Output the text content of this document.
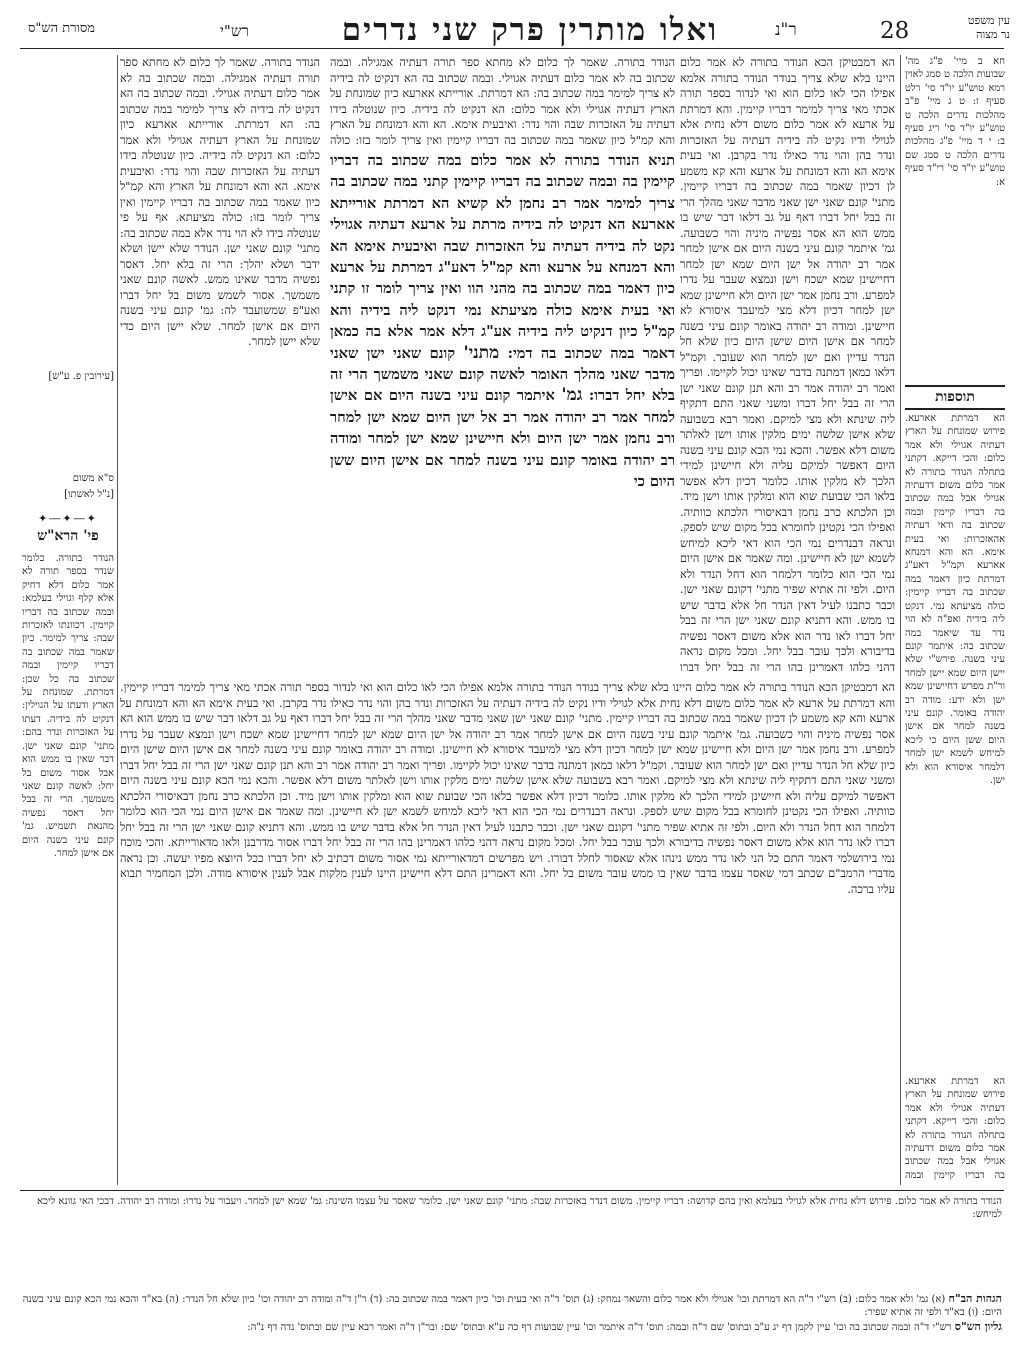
עין משפט
נר מצוה
28
ר"נ
ואלו מותרין פרק שני נדרים
רש"י
מסורת הש"ס
חא ב מיי' פ"ג מה' שבועות הלכה ט סמג לאוין רמא טוש"ע יו"ד סי' רלט סעיף ז: ט ג מיי' פ"ב מהלכות נדרים הלכה ט טוש"ע יו"ד סי' ריג סעיף ב: י ד מיי' פ"ג מהלכות נדרים הלכה ט סמג שם טוש"ע יו"ד סי' רי"ד סעיף א:
תוספות
הא דמרתת אארעא. פירוש שמונחת על הארץ דעתיה אגוילי ולא אמר כלום: והכי דייקא. דקתני בתחלה הנודר בתורה לא אמר כלום משום דדעתיה אגוילי אבל במה שכתוב בה דבריו קיימין ובמה שכתוב בה ודאי דעתיה אהאזכרות: ואי בעית אימא. הא והא דמנחא אארעא וקמ"ל דאע"ג דמרתת כיון דאמר במה שכתוב בה דבריו קיימין: כולה מציעתא נמי. דנקט ליה בידיה ואפ"ה לא הוי נדר עד שיאמר במה שכתוב בה: איתמר קונם עיני בשנה. פירש"י שלא יישן היום שמא יישן למחר ור"ת מפרש דחיישינן שמא ישן ולא ידע: מודה רב יהודה באומר. קונם עיני בשנה למחר אם אישן היום ששן היום כי ליכא למיחש לשמא ישן למחר דלמחר איסורא הוא ולא ישן.
הא דמבטיקן הכא הנודר בתורה לא אמר כלום היינו בלא שלא צריך בנודר הנודר בתורה אלמא אפילו הכי לאו כלום הוא ואי לנדור בספר תורה אכתי מאי צריך למימר דבריו קיימין. והא דמרתת על ארעא לא אמר כלום משום דלא נחית אלא לגוילי ודיו נקיט לה בידיה דעתיה על האזכרות ונדר בהן והוי נדר כאילו נדר בקרבן. ואי בעית אימא הא והא דמונחת על ארעא והא קא משמע לן דכיון שאמר במה שכתוב בה דבריו קיימין. מתני' קונם שאני ישן שאני מדבר שאני מהלך הרי זה בבל יחל דברו דאף על גב דלאו דבר שיש בו ממש הוא הא אסר נפשיה מיניה והוי כשבועה. גמ' איתמר קונם עיני בשנה היום אם אישן למחר אמר רב יהודה אל ישן היום שמא ישן למחר דחיישינן שמא ישכח וישן ונמצא שעבר על נדרו למפרע. ורב נחמן אמר ישן היום ולא חיישינן שמא ישן למחר דכיון דלא מצי למיעבד איסורא לא חיישינן. ומודה רב יהודה באומר קונם עיני בשנה למחר אם אישן היום שישן היום כיון שלא חל הנדר עדיין ואם ישן למחר הוא שעובר. וקמ"ל דלאו כמאן דמתנה בדבר שאינו יכול לקיימו. ופריך ואמר רב יהודה אמר רב והא תנן קונם שאני ישן הרי זה בבל יחל דברו ומשני שאני התם דתקיף ליה שינתא ולא מצי למיקם. ואמר רבא בשבועה שלא אישן שלשה ימים מלקין אותו וישן לאלתר משום דלא אפשר. והכא נמי הכא קונם עיני בשנה היום דאפשר למיקם עליה ולא חיישינן למידי הלכך לא מלקין אותו. כלומר דכיון דלא אפשר בלאו הכי שבועת שוא הוא ומלקין אותו וישן מיד. וכן הלכתא כרב נחמן דבאיסורי הלכתא כוותיה. ואפילו הכי נקטינן לחומרא בכל מקום שיש לספק. ונראה דבנדרים נמי הכי הוא דאי ליכא למיחש לשמא ישן לא חיישינן. ומה שאמר אם אישן היום נמי הכי הוא כלומר דלמחר הוא דחל הנדר ולא היום. ולפי זה אתיא שפיר מתני' דקונם שאני ישן. וכבר כתבנו לעיל דאין הנדר חל אלא בדבר שיש בו ממש. והא דתניא קונם שאני ישן הרי זה בבל יחל דברו לאו נדר הוא אלא משום דאסר נפשיה בדיבורא ולכך עובר בבל יחל. ומכל מקום נראה דהני כלהו דאמרינן בהו הרי זה בבל יחל דברו
תניא הנודר בתורה לא אמר כלום במה שכתוב בה דבריו קיימין בה ובמה שכתוב בה דבריו קיימין קתני במה שכתוב בה צריך למימר אמר רב נחמן לא קשיא הא דמרתת אורייתא אארעא הא דנקיט לה בידיה מרתת על ארעא דעתיה אגוילי נקט לה בידיה דעתיה על האזכרות שבה ואיבעית אימא הא והא דמנחא על ארעא והא קמ"ל דאע"ג דמרתת על ארעא כיון דאמר במה שכתוב בה מהני הוו ואין צריך לומר זו קתני ואי בעית אימא כולה מציעתא נמי דנקט ליה בידיה והא קמ"ל כיון דנקיט ליה בידיה אע"ג דלא אמר אלא בה כמאן דאמר במה שכתוב בה דמי: מתני' קונם שאני ישן שאני מדבר שאני מהלך האומר לאשה קונם שאני משמשך הרי זה בלא יחל דברו: גמ' איתמר קונם עיני בשנה היום אם אישן למחר אמר רב יהודה אמר רב אל ישן היום שמא ישן למחר ורב נחמן אמר ישן היום ולא חיישינן שמא ישן למחר ומודה רב יהודה באומר קונם עיני בשנה למחר אם אישן היום ששן היום כי
הנודר בתורה. שאמר לך כלום לא מחתא ספר תורה דעתיה אמגילה. ובמה שכתוב בה לא אמר כלום דעתיה אגוילי. ובמה שכתוב בה הא דנקיט לה בידיה לא צריך למימר במה שכתוב בה: הא דמרתת. אורייתא אארעא כיון שמונחת על הארץ דעתיה אגוילי ולא אמר כלום: הא דנקיט לה בידיה. כיון שנוטלה בידו דעתיה על האזכרות שבה והוי נדר: ואיבעית אימא. הא והא דמונחת על הארץ והא קמ"ל כיון שאמר במה שכתוב בה דבריו קיימין ואין צריך לומר בזו: כולה
הנודר בתורה. שאמר לך כלום לא מחתא ספר תורה דעתיה אמגילה. ובמה שכתוב בה לא אמר כלום דעתיה אגוילי. ובמה שכתוב בה הא דנקיט לה בידיה לא צריך למימר במה שכתוב בה: הא דמרתת. אורייתא אארעא כיון שמונחת על הארץ דעתיה אגוילי ולא אמר כלום: הא דנקיט לה בידיה. כיון שנוטלה בידו דעתיה על האזכרות שבה והוי נדר: ואיבעית אימא. הא והא דמונחת על הארץ והא קמ"ל כיון שאמר במה שכתוב בה דבריו קיימין ואין צריך לומר בזו: כולה מציעתא. אף על פי שנוטלה בידו לא הוי נדר אלא במה שכתוב בה: מתני' קונם שאני ישן. הנודר שלא יישן ושלא ידבר ושלא יהלך: הרי זה בלא יחל. דאסר נפשיה מדבר שאינו ממש. לאשה קונם שאני משמשך. אסור לשמש משום בל יחל דברו ואע"פ שמשועבד לה: גמ' קונם עיני בשנה היום אם אישן למחר. שלא יישן היום כדי שלא יישן למחר.
[עירובין פ. ע"ש]
ס"א משום
[נ"ל לאשתו]
✦―✦―✦
פי' הרא"ש
הנודר בתורה. כלומר שנדר בספר תורה לא אמר כלום דלא דחיק אלא קלף וגוילי בעלמא: ובמה שכתוב בה דבריו קיימין. דכוונתו לאזכרות שבה: צריך למימר. כיון שאמר במה שכתוב בה דבריו קיימין ובמה שכתוב בה כל שכן: דמרתת. שמונחת על הארץ ודעתו על הגוילין: דנקיט לה בידיה. דעתו על האזכרות ונדר בהם: מתני' קונם שאני ישן. דבר שאין בו ממש הוא אבל אסור משום בל יחל: לאשה קונם שאני משמשך. הרי זה בבל יחל דאסר נפשיה מהנאת תשמיש. גמ' קונם עיני בשנה היום אם אישן למחר.
הא דמבטיקן הכא הנודר בתורה לא אמר כלום היינו בלא שלא צריך בנודר הנודר בתורה אלמא אפילו הכי לאו כלום הוא ואי לנדור בספר תורה אכתי מאי צריך למימר דבריו קיימין. והא דמרתת על ארעא לא אמר כלום משום דלא נחית אלא לגוילי ודיו נקיט לה בידיה דעתיה על האזכרות ונדר בהן והוי נדר כאילו נדר בקרבן. ואי בעית אימא הא והא דמונחת על ארעא והא קא משמע לן דכיון שאמר במה שכתוב בה דבריו קיימין. מתני' קונם שאני ישן שאני מדבר שאני מהלך הרי זה בבל יחל דברו דאף על גב דלאו דבר שיש בו ממש הוא הא אסר נפשיה מיניה והוי כשבועה. גמ' איתמר קונם עיני בשנה היום אם אישן למחר אמר רב יהודה אל ישן היום שמא ישן למחר דחיישינן שמא ישכח וישן ונמצא שעבר על נדרו למפרע. ורב נחמן אמר ישן היום ולא חיישינן שמא ישן למחר דכיון דלא מצי למיעבד איסורא לא חיישינן. ומודה רב יהודה באומר קונם עיני בשנה למחר אם אישן היום שישן היום כיון שלא חל הנדר עדיין ואם ישן למחר הוא שעובר. וקמ"ל דלאו כמאן דמתנה בדבר שאינו יכול לקיימו. ופריך ואמר רב יהודה אמר רב והא תנן קונם שאני ישן הרי זה בבל יחל דברו ומשני שאני התם דתקיף ליה שינתא ולא מצי למיקם. ואמר רבא בשבועה שלא אישן שלשה ימים מלקין אותו וישן לאלתר משום דלא אפשר. והכא נמי הכא קונם עיני בשנה היום דאפשר למיקם עליה ולא חיישינן למידי הלכך לא מלקין אותו. כלומר דכיון דלא אפשר בלאו הכי שבועת שוא הוא ומלקין אותו וישן מיד. וכן הלכתא כרב נחמן דבאיסורי הלכתא כוותיה. ואפילו הכי נקטינן לחומרא בכל מקום שיש לספק. ונראה דבנדרים נמי הכי הוא דאי ליכא למיחש לשמא ישן לא חיישינן. ומה שאמר אם אישן היום נמי הכי הוא כלומר דלמחר הוא דחל הנדר ולא היום. ולפי זה אתיא שפיר מתני' דקונם שאני ישן. וכבר כתבנו לעיל דאין הנדר חל אלא בדבר שיש בו ממש. והא דתניא קונם שאני ישן הרי זה בבל יחל דברו לאו נדר הוא אלא משום דאסר נפשיה בדיבורא ולכך עובר בבל יחל. ומכל מקום נראה דהני כלהו דאמרינן בהו הרי זה בבל יחל דברו אסור מדרבנן ולאו מדאורייתא. והכי מוכח נמי בירושלמי דאמר התם כל הני לאו נדר ממש נינהו אלא שאסור לחלל דבורו. ויש מפרשים דמדאורייתא נמי אסור משום דכתיב לא יחל דברו ככל היוצא מפיו יעשה. וכן נראה מדברי הרמב"ם שכתב דמי שאסר עצמו בדבר שאין בו ממש עובר משום בל יחל. והא דאמרינן התם דלא חיישינן היינו לענין מלקות אבל לענין איסורא מודה. ולכן המחמיר תבוא עליו ברכה.
הא דמרתת אארעא. פירוש שמונחת על הארץ דעתיה אגוילי ולא אמר כלום: והכי דייקא. דקתני בתחלה הנודר בתורה לא אמר כלום משום דדעתיה אגוילי אבל במה שכתוב בה דבריו קיימין ובמה
הנודר בתורה לא אמר כלום. פירוש דלא נחית אלא לגוילי בעלמא ואין בהם קדושה: דבריו קיימין. משום דנדר באזכרות שבה: מתני' קונם שאני ישן. כלומר שאסר על עצמו השינה: גמ' שמא ישן למחר. ויעבור על נדרו: ומודה רב יהודה. דבכי האי גוונא ליכא למיחש:
הגהות הב"ח (א) גמ' ולא אמר כלום: (ב) רש"י ד"ה הא דמרתת וכו' אגוילי ולא אמר כלום והשאר נמחק: (ג) תוס' ד"ה ואי בעית וכו' כיון דאמר במה שכתוב בה: (ד) ר"ן ד"ה ומודה רב יהודה וכו' כיון שלא חל הנדר: (ה) בא"ד והכא נמי הכא קונם עיני בשנה היום: (ו) בא"ד ולפי זה אתיא שפיר:
גליון הש"ס רש"י ד"ה ובמה שכתוב בה וכו' עיין לקמן דף יג ע"ב ובתוס' שם ד"ה ובמה: תוס' ד"ה איתמר וכו' עיין שבועות דף כה ע"א ובתוס' שם: ובר"ן ד"ה ואמר רבא עיין שם ובתוס' נדה דף נ"ה:
